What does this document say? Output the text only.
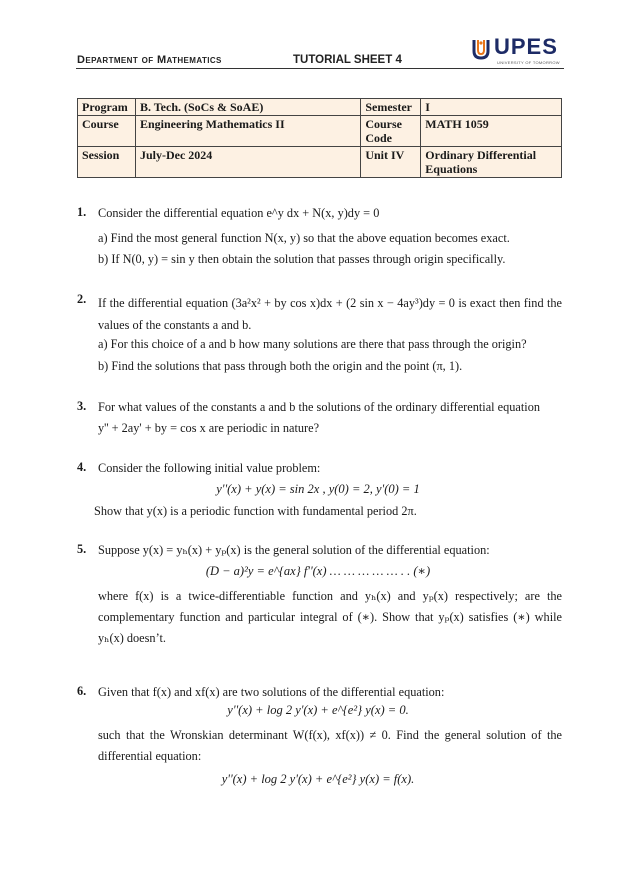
Department of Mathematics	TUTORIAL SHEET 4
UPES
UNIVERSITY OF TOMORROW
Program	B. Tech. (SoCs & SoAE)	Semester	I
Course	Engineering Mathematics II	Course Code	MATH 1059
Session	July-Dec 2024	Unit IV	Ordinary Differential Equations
1. Consider the differential equation e^y dx + N(x, y)dy = 0
a) Find the most general function N(x, y) so that the above equation becomes exact.
b) If N(0, y) = sin y then obtain the solution that passes through origin specifically.
2. If the differential equation (3a²x² + by cos x)dx + (2 sin x − 4ay³)dy = 0 is exact then find the values of the constants a and b.
a) For this choice of a and b how many solutions are there that pass through the origin?
b) Find the solutions that pass through both the origin and the point (π, 1).
3. For what values of the constants a and b the solutions of the ordinary differential equation
y'' + 2ay' + by = cos x are periodic in nature?
4. Consider the following initial value problem:
y''(x) + y(x) = sin 2x , y(0) = 2, y'(0) = 1
Show that y(x) is a periodic function with fundamental period 2π.
5. Suppose y(x) = yₕ(x) + yₚ(x) is the general solution of the differential equation:
(D − a)²y = e^{ax} f''(x) … … … … … . . (∗)
where f(x) is a twice-differentiable function and yₕ(x) and yₚ(x) respectively; are the complementary function and particular integral of (∗). Show that yₚ(x) satisfies (∗) while yₕ(x) doesn’t.
6. Given that f(x) and xf(x) are two solutions of the differential equation:
y''(x) + log 2 y'(x) + e^{e²} y(x) = 0.
such that the Wronskian determinant W(f(x), xf(x)) ≠ 0. Find the general solution of the differential equation:
y''(x) + log 2 y'(x) + e^{e²} y(x) = f(x).
